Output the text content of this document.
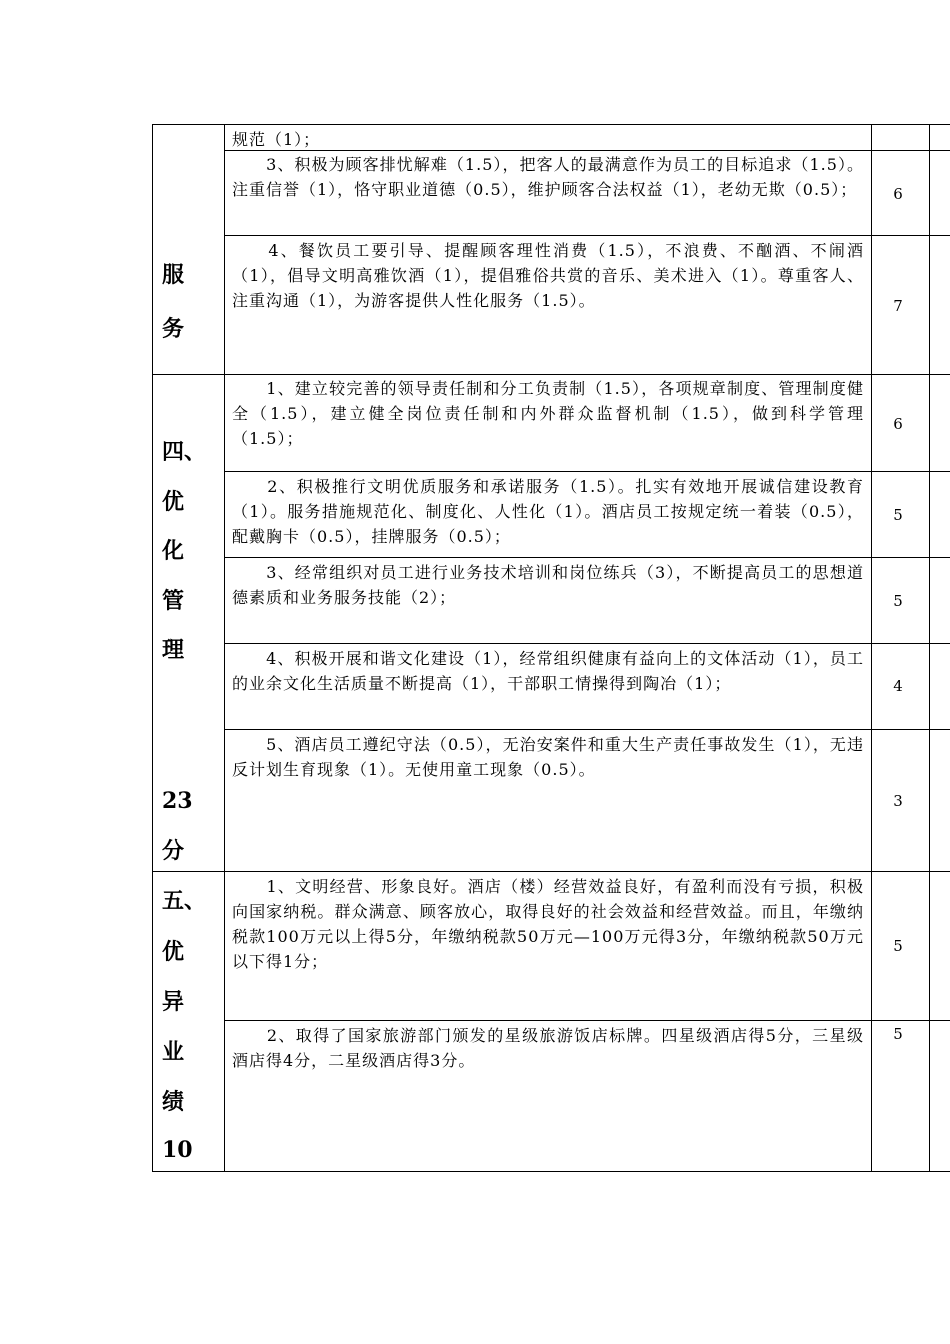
服
务
四、
优
化
管
理
23
分
五、
优
异
业
绩
10
规范（1）；
　　3、积极为顾客排忧解难（1.5），把客人的最满意作为员工的目标追求（1.5）。注重信誉（1），恪守职业道德（0.5），维护顾客合法权益（1），老幼无欺（0.5）；
　　4、餐饮员工要引导、提醒顾客理性消费（1.5），不浪费、不酗酒、不闹酒（1），倡导文明高雅饮酒（1），提倡雅俗共赏的音乐、美术进入（1）。尊重客人、注重沟通（1），为游客提供人性化服务（1.5）。
　　1、建立较完善的领导责任制和分工负责制（1.5），各项规章制度、管理制度健全（1.5），建立健全岗位责任制和内外群众监督机制（1.5），做到科学管理（1.5）；
　　2、积极推行文明优质服务和承诺服务（1.5）。扎实有效地开展诚信建设教育（1）。服务措施规范化、制度化、人性化（1）。酒店员工按规定统一着装（0.5），配戴胸卡（0.5），挂牌服务（0.5）；
　　3、经常组织对员工进行业务技术培训和岗位练兵（3），不断提高员工的思想道德素质和业务服务技能（2）；
　　4、积极开展和谐文化建设（1），经常组织健康有益向上的文体活动（1），员工的业余文化生活质量不断提高（1），干部职工情操得到陶冶（1）；
　　5、酒店员工遵纪守法（0.5），无治安案件和重大生产责任事故发生（1），无违反计划生育现象（1）。无使用童工现象（0.5）。
　　1、文明经营、形象良好。酒店（楼）经营效益良好，有盈利而没有亏损，积极向国家纳税。群众满意、顾客放心，取得良好的社会效益和经营效益。而且，年缴纳税款100万元以上得5分，年缴纳税款50万元—100万元得3分，年缴纳税款50万元以下得1分；
　　2、取得了国家旅游部门颁发的星级旅游饭店标牌。四星级酒店得5分，三星级酒店得4分，二星级酒店得3分。
6
7
6
5
5
4
3
5
5
